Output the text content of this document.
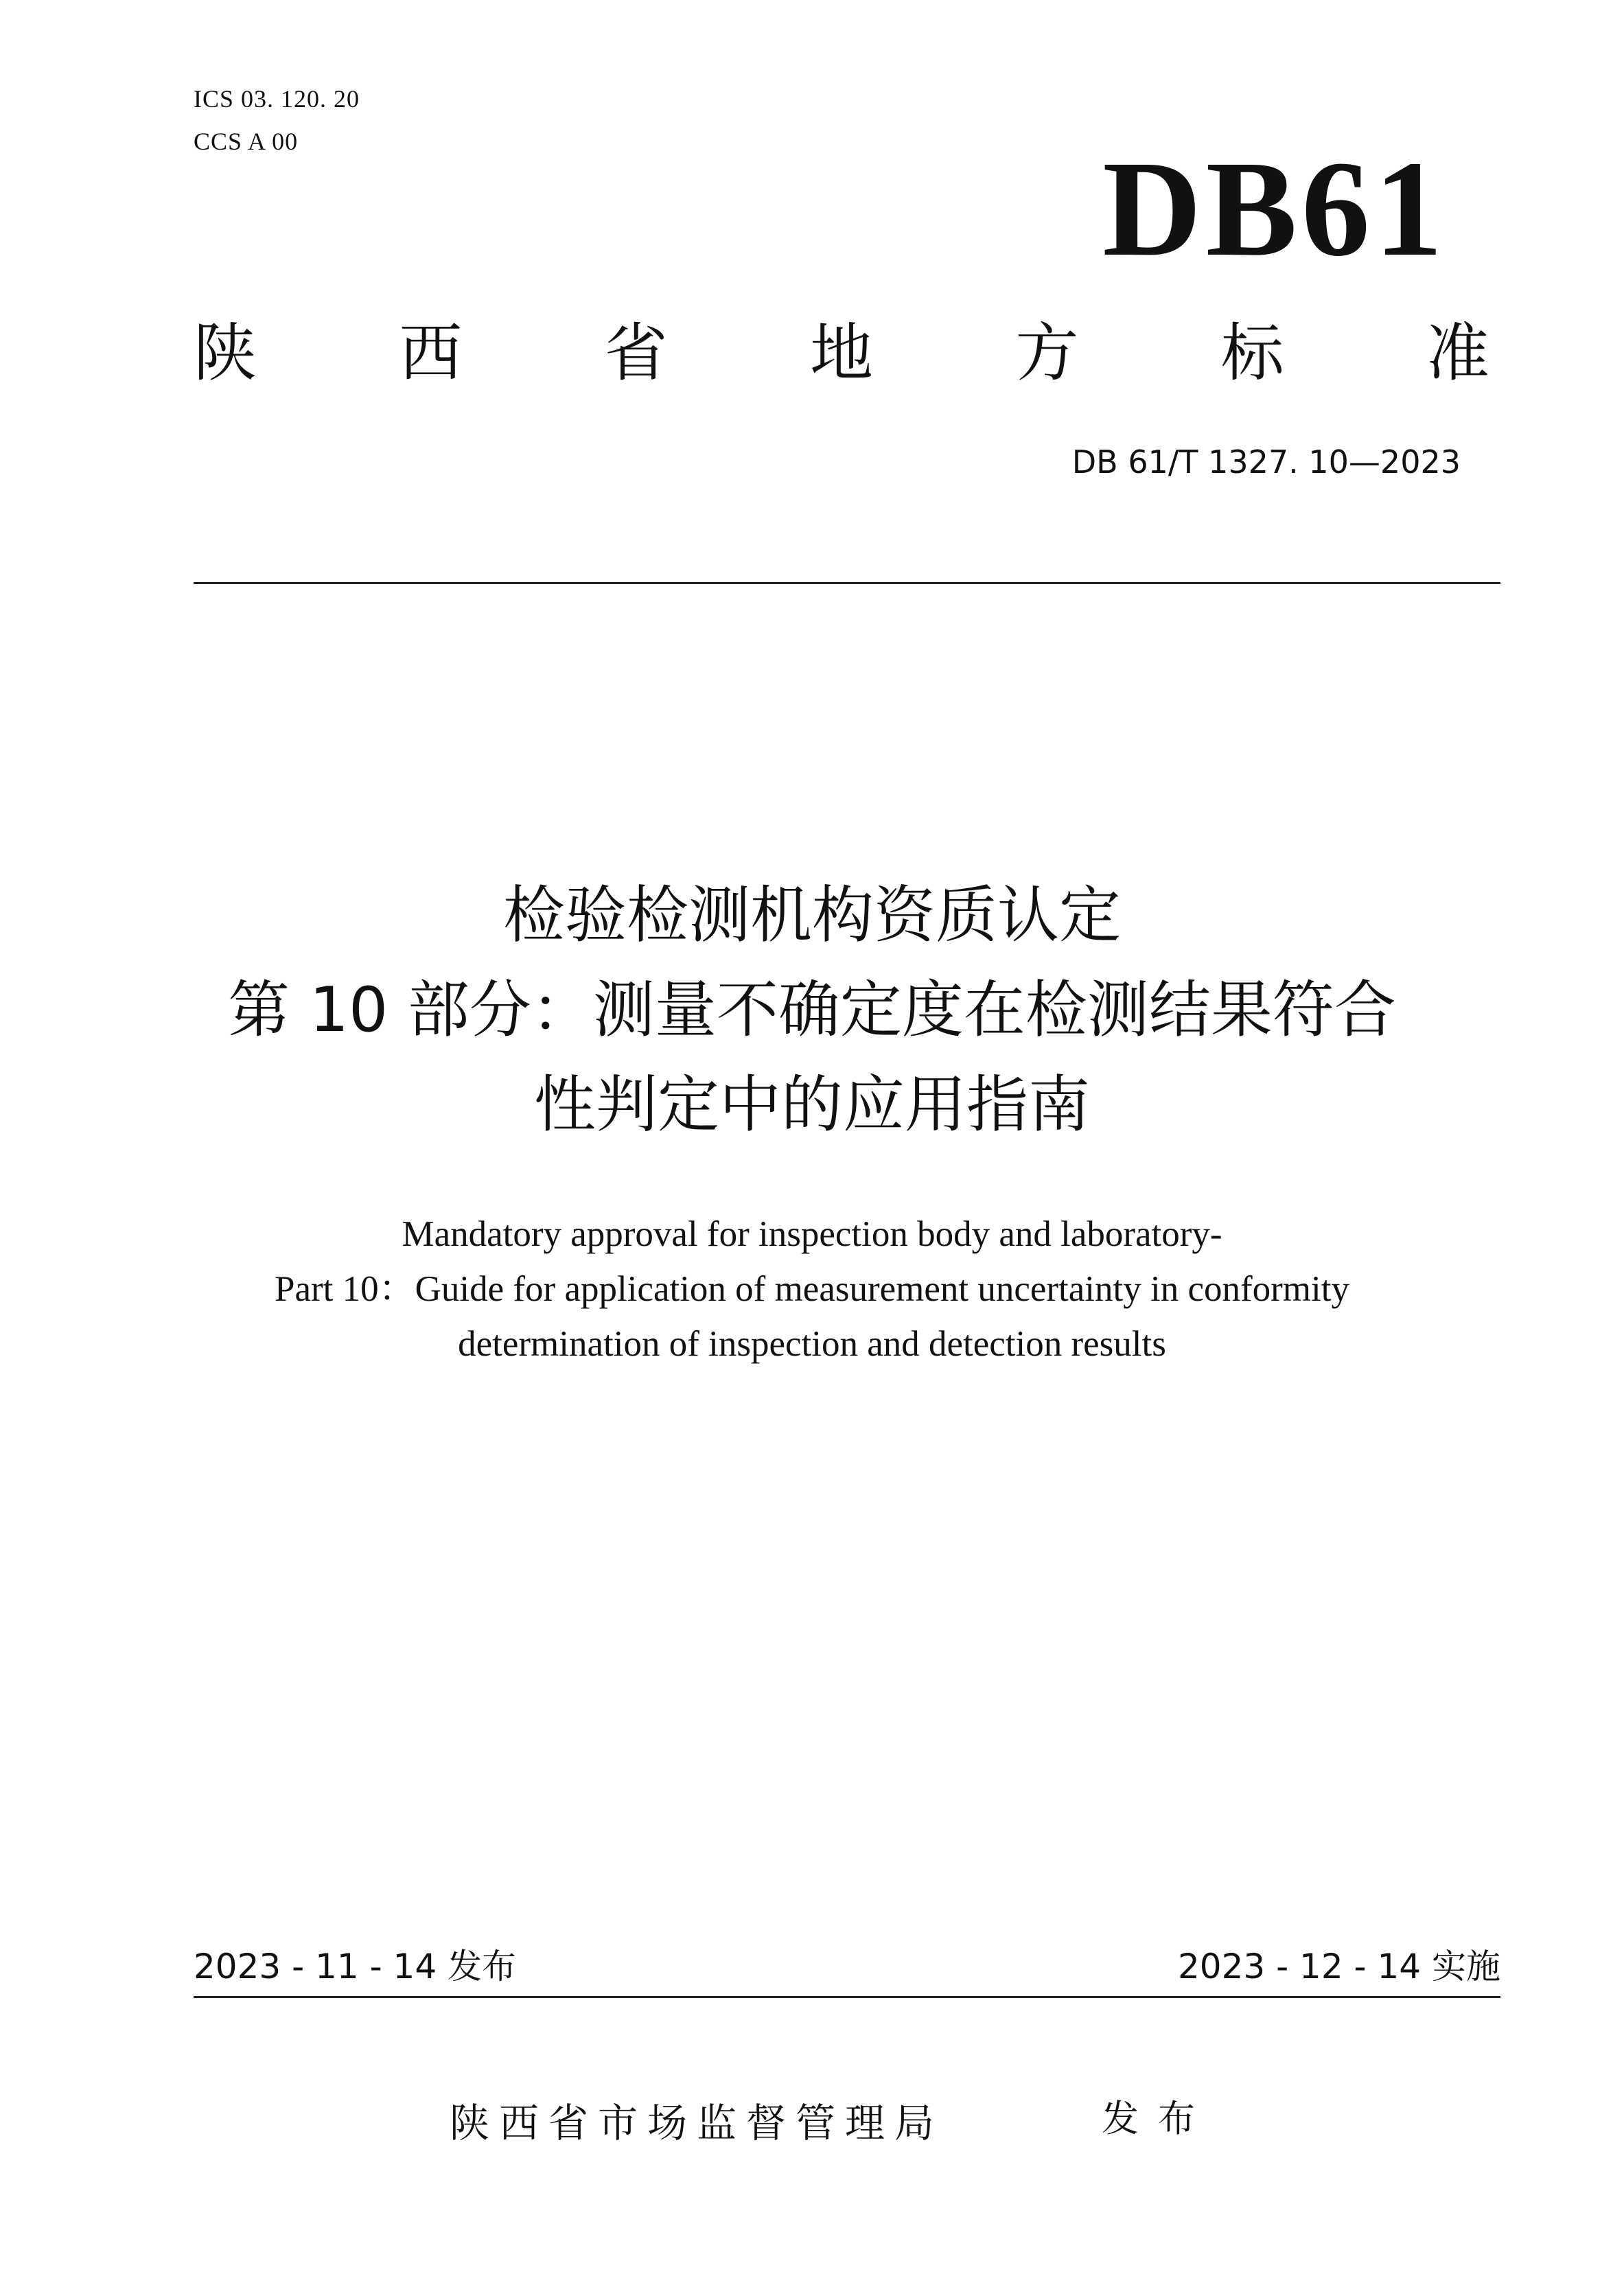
ICS 03. 120. 20
CCS A 00	DB61
陕 西 省 地 方 标 准
DB 61/T 1327. 10—2023
检验检测机构资质认定
第 10 部分：测量不确定度在检测结果符合
性判定中的应用指南
Mandatory approval for inspection body and laboratory-
Part 10：Guide for application of measurement uncertainty in conformity
determination of inspection and detection results
2023 - 11 - 14 发布	2023 - 12 - 14 实施
陕西省市场监督管理局	发布
